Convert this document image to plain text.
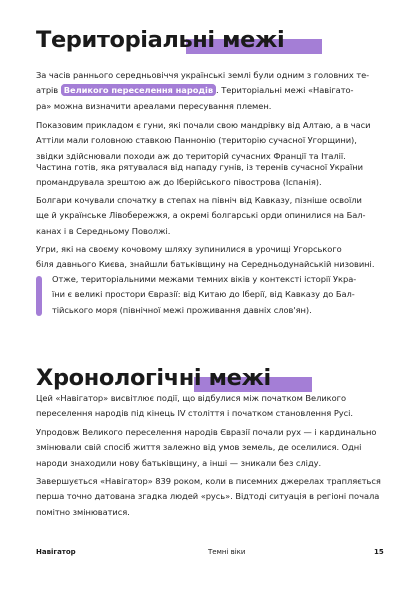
Територіальні межі

За часів раннього середньовіччя українські землі були одним з головних те-
атрів Великого переселення народів . Територіальні межі «Навігато-
ра» можна визначити ареалами пересування племен.

Показовим прикладом є гуни, які почали свою мандрівку від Алтаю, а в часи
Аттіли мали головною ставкою Паннонію (територію сучасної Угорщини),
звідки здійснювали походи аж до територій сучасних Франції та Італії.

Частина готів, яка рятувалася від нападу гунів, із теренів сучасної України
промандрувала зрештою аж до Іберійського півострова (Іспанія).

Болгари кочували спочатку в степах на північ від Кавказу, пізніше освоїли
ще й українське Лівобережжя, а окремі болгарські орди опинилися на Бал-
канах і в Середньому Поволжі.

Угри, які на своєму кочовому шляху зупинилися в урочищі Угорського
біля давнього Києва, знайшли батьківщину на Середньодунайській низовині.

Отже, територіальними межами темних віків у контексті історії Укра-
їни є великі простори Євразії: від Китаю до Іберії, від Кавказу до Бал-
тійського моря (північної межі проживання давніх слов'ян).

Хронологічні межі

Цей «Навігатор» висвітлює події, що відбулися між початком Великого
переселення народів під кінець IV століття і початком становлення Русі.

Упродовж Великого переселення народів Євразії почали рух — і кардинально
змінювали свій спосіб життя залежно від умов земель, де оселилися. Одні
народи знаходили нову батьківщину, а інші — зникали без сліду.

Завершується «Навігатор» 839 роком, коли в писемних джерелах трапляється
перша точно датована згадка людей «русь». Відтоді ситуація в регіоні почала
помітно змінюватися.

Навігатор	Темні віки	15
